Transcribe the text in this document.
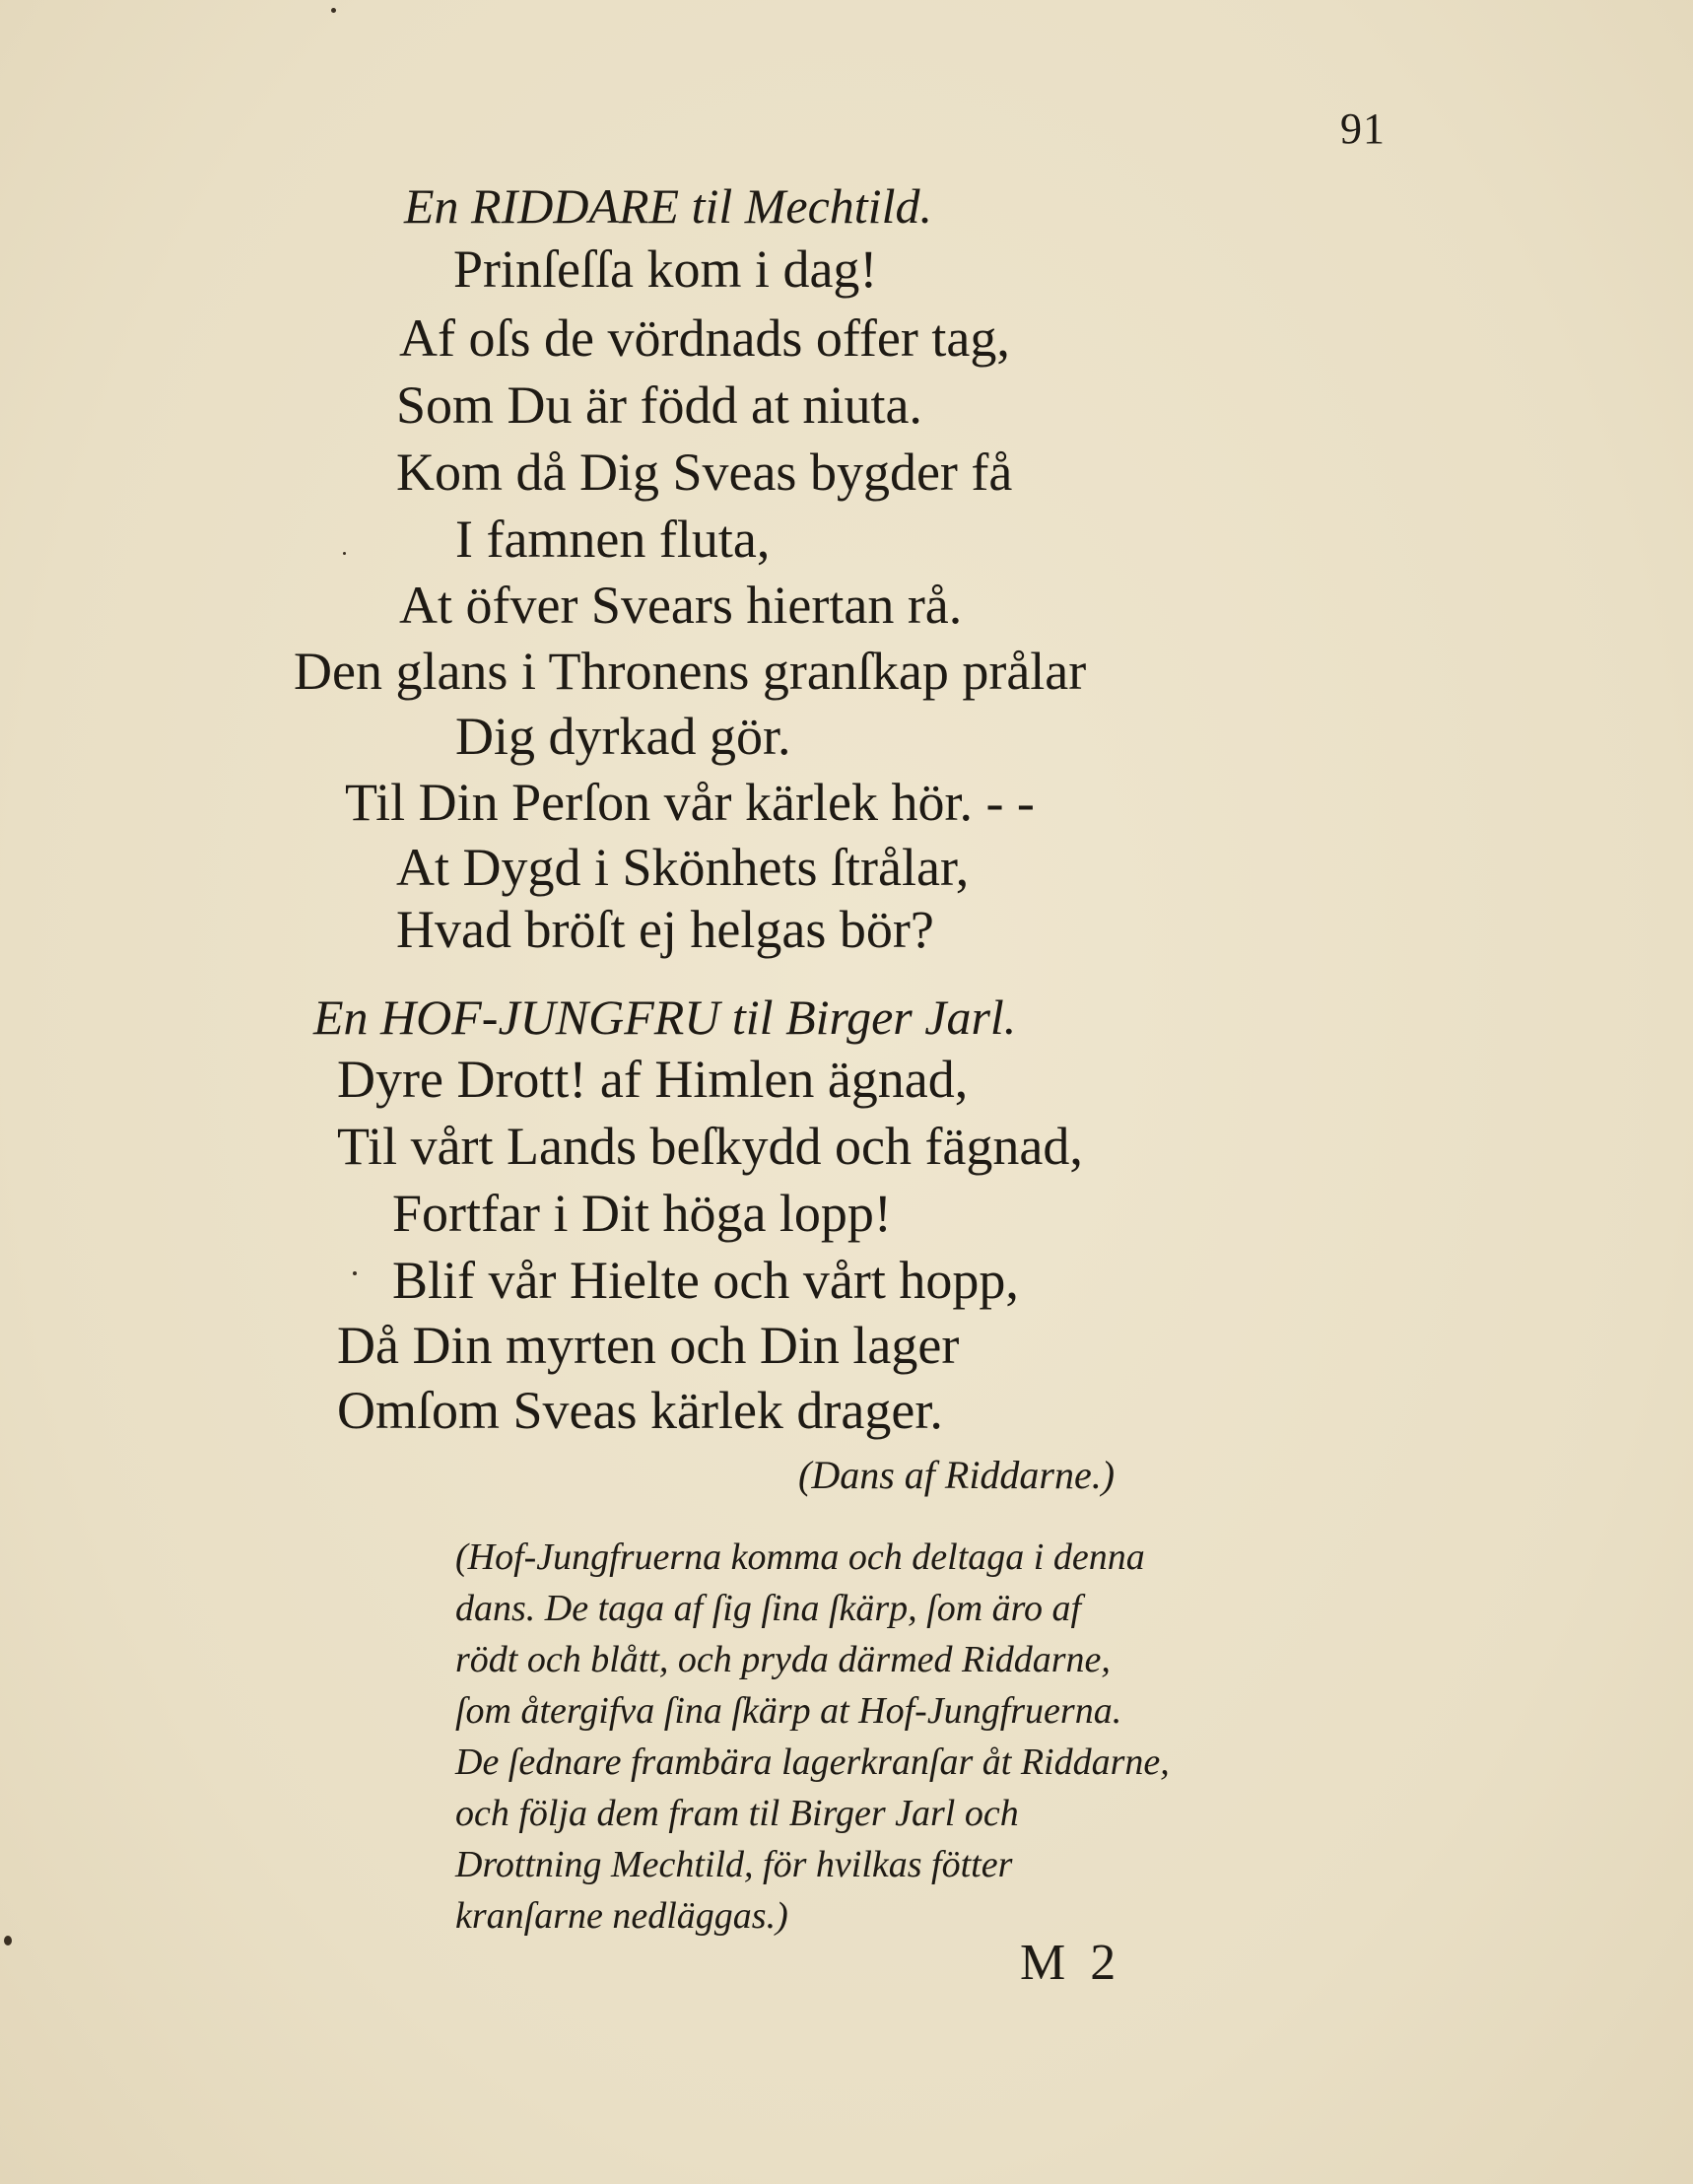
91
En RIDDARE til Mechtild.
Prinſeſſa kom i dag!
Af oſs de vördnads offer tag,
Som Du är född at niuta.
Kom då Dig Sveas bygder få
I famnen fluta,
At öfver Svears hiertan rå.
Den glans i Thronens granſkap prålar
Dig dyrkad gör.
Til Din Perſon vår kärlek hör. - -
At Dygd i Skönhets ſtrålar,
Hvad bröſt ej helgas bör?
En HOF-JUNGFRU til Birger Jarl.
Dyre Drott! af Himlen ägnad,
Til vårt Lands beſkydd och fägnad,
Fortfar i Dit höga lopp!
Blif vår Hielte och vårt hopp,
Då Din myrten och Din lager
Omſom Sveas kärlek drager.
(Dans af Riddarne.)
(Hof-Jungfruerna komma och deltaga i denna
dans. De taga af ſig ſina ſkärp, ſom äro af
rödt och blått, och pryda därmed Riddarne,
ſom återgifva ſina ſkärp at Hof-Jungfruerna.
De ſednare frambära lagerkranſar åt Riddarne,
och följa dem fram til Birger Jarl och
Drottning Mechtild, för hvilkas fötter
kranſarne nedläggas.)
M 2
